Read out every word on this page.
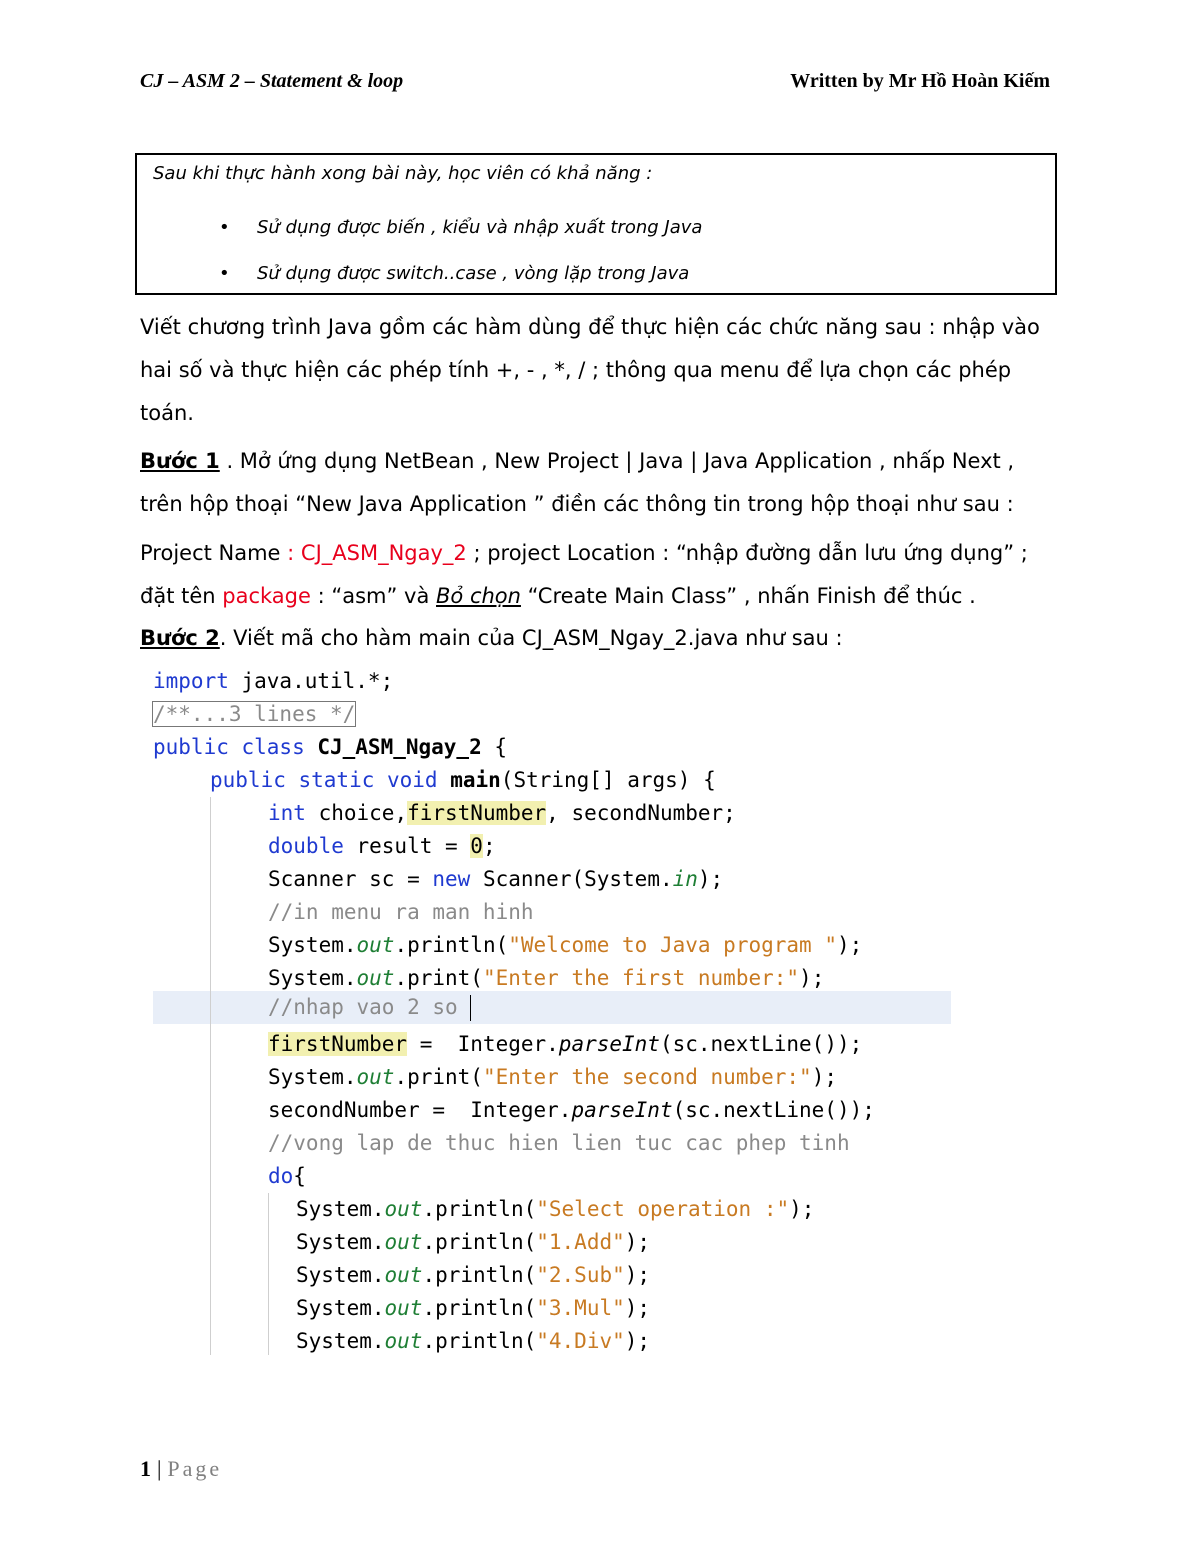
CJ – ASM 2 – Statement & loop	Written by Mr Hồ Hoàn Kiếm
Sau khi thực hành xong bài này, học viên có khả năng :
• Sử dụng được biến , kiểu và nhập xuất trong Java
• Sử dụng được switch..case , vòng lặp trong Java
Viết chương trình Java gồm các hàm dùng để thực hiện các chức năng sau : nhập vào hai số và thực hiện các phép tính +, - , *, / ; thông qua menu để lựa chọn các phép toán.
Bước 1 . Mở ứng dụng NetBean , New Project | Java | Java Application , nhấp Next , trên hộp thoại “New Java Application ” điền các thông tin trong hộp thoại như sau :
Project Name : CJ_ASM_Ngay_2 ; project Location : “nhập đường dẫn lưu ứng dụng” ; đặt tên package : “asm” và Bỏ chọn “Create Main Class” , nhấn Finish để thúc .
Bước 2. Viết mã cho hàm main của CJ_ASM_Ngay_2.java như sau :

import java.util.*;

/**...3 lines */

public class CJ_ASM_Ngay_2 {

public static void main(String[] args) {

int choice,firstNumber, secondNumber;

double result = 0;

Scanner sc = new Scanner(System.in);

//in menu ra man hinh

System.out.println("Welcome to Java program ");

System.out.print("Enter the first number:");

//nhap vao 2 so

firstNumber =  Integer.parseInt(sc.nextLine());

System.out.print("Enter the second number:");

secondNumber =  Integer.parseInt(sc.nextLine());

//vong lap de thuc hien lien tuc cac phep tinh

do{

System.out.println("Select operation :");

System.out.println("1.Add");

System.out.println("2.Sub");

System.out.println("3.Mul");

System.out.println("4.Div");

1 | Page
